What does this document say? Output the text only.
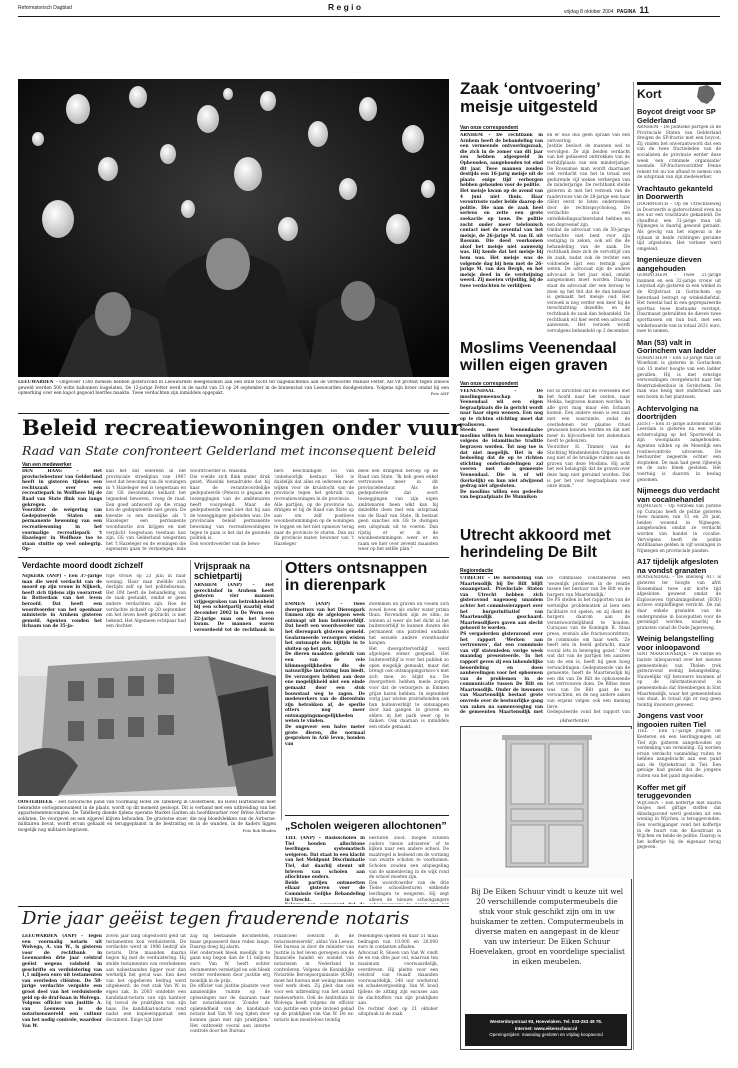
Reformatorisch Dagblad	R e g i o	vrijdag 8 oktober 2004 PAGINA 11
LEEUWARDEN – Ongeveer 1500 mensen hebben gisteravond in Leeuwarden deelgenomen aan een stille tocht ter nagedachtenis aan de vermoorde Manuel Fetter. Als vit protest tegen zinloos geweld werden 500 witte ballonnen losgelaten. De 12-jarige Fetter werd in de nacht van 23 op 24 september in de binnenstad van Leeuwarden doodgestoken. Volgens zijn broer omdat hij een opmerking over een kapot gegooid bierfles maakte. Twee verdachten zijn inmiddels opgepakt.	Foto ANP
Zaak ‘ontvoering’
meisje uitgesteld
Van onze correspondent
ARNHEM – De rechtbank in Arnhem heeft de behandeling van een vermeende ontvoeringszaak, die zich in de zomer van dit jaar zou hebben afgespeeld in Opheusden, aangehouden tot eind dit jaar. Twee mannen zouden destijds een 16-jarig meisje uit de plaats enige tijd verborgen hebben gehouden voor de politie.
Het meisje kwam op de avond van 4 juni niet thuis. Haar verontruste vader belde daarop de politie. Die nam de zaak heel serieus en zette een grote zoekactie op touw. De politie zocht onder meer telefonisch contact met de zevental van het meisje, de 26-jarige M. van H. uit Rossum. Die deed voorkomen alsof het meisje niet aanwezig was. Hij kende dat het meisje bij hem was. Het meisje was de volgende dag bij hem met de 26-jarige M. van den Bergh, en het meisje deed in de verdwijning weerd. Zij moeten vrijwillig, bij de twee verdachten te verblijven
en er was dus geen sprake van een ontvoering.
Justitie besloot de mannen wel te vervolgen. Ze zijn beiden verdacht van het gefaseerd onttrekken van de verblijfplaats van een minderjarige. De Rossumse man wordt daarnaast ook verdacht van het in totaal wel gedurende vijf weken verbergen van de minderjarige. De rechtbank stelde gisteren in met het verzoek van de raadsvrouw van de 28-jarige een haar cliënt eerst te laten onderzoeken door de rechtsspsycholoog. De verdachte zou een ontwikkelingsachterstand hebben en een depressief zijn.
Omdat de advocaat van de 50-jarige verdachte niet bent voor zijn vestiging in zeken, ook wil die de behandeling van de zaak. De rechtbank deze zich de vervoltijd van de zaak, nadat ook de rechter een voldoende lijst een termijn gaat weten. De advocaat zijn de andere advocaat is het jaar eind, omdat aangenomen moet worden. Daarop staat de advocaat der een beroep te doen op het feit dat de dan kenbaar is gemaakt het meisje oud. Het verzoek is nog verder een keer bij de terechtzitting dezelfde, en de rechtbank de zaak dan behandeld. De rechtbank wil hier eerst een advocaat aanwezen. Het verzoek wordt vervolgens behandeld op 3 december.
Kort
Boycot dreigt voor SP Gelderland
ARNHEM – De politieke partijen in de Provinciale Staten van Gelderland dreigen de SP-fractie met een boycot. Zij vinden het onverantwoord dat een van de twee fractieleden van de socialisten de provincie eerder deze week ‘een criminele organisatie’ noemde. SP-fractievoorzitter Fenne rekent tot nu toe aftand te nemen van de uitspraak van zijn medewerker.
Vrachtauto gekanteld in Doorwerth
DOORWERTH – Op de Utrechtseweg in Doorwerth is gisterochtend even na zes uur een vrachtauto gekanteld. De chauffeur, een 31-jarige man uit Nijmegen is daarbij gewond geraakt. Als gevolg van het ongeval is de rijbaan in beide richtingen geruime tijd afgesloten. Het verkeer werd omgeleid.
Ingenieuze dieven aangehouden
GORINCHEM – Twee 21-jarige mannen en een 32-jarige vrouw uit Lelystad zijn gisteren in een winkel in de Krijtstraat in Gorinchem op heterdaad betrapt op winkeldiefstal. Het tweetal had in een geprepareerde sporttas twee kostuums verstopt. Daarmaast gebruikten de dieven twee sporttassen om hun buit, met een winkelwaarde van in totaal 2631 euro, mee te nemen.
Man (53) valt in Gorinchem van ladder
GORINCHEM – Een 53-jarige man uit Woerkum is gisteren in Gorinchem van 15 meter hoogte van een ladder gevallen. Hij is met ernstige verwondingen overgebracht naar het Beatrixziekenhuis in Gorinchem. De man was bezig met onderhoud aan een boom in het plantsoen.
Achtervolging na doortrijden
ZEIST – Een 31-jarige automobilist uit Leerdam is gisteren na een wilde achtervolging op het Sportsveld in zijn woonplaats aangehouden. Agenten wilden op de Meerdijk een routinecontrole uitvoeren. De bestuurder negeerde echter een stopteken. De man had geen rijbewijs en de auto bleek gestolen. Het voertuig is daarom in beslag genomen.
Nijmeegs duo verdacht van cocaïnehandel
NIJMEGEN – Op verzoek van justitie op Curaçao heeft de politie gisteren twee mannen van 31 en 28 jaar, beiden wonend in Nijmegen, aangehouden omdat ze verdacht worden van handel in cocaïne. Vervolgens heeft de politie Antilliaanse gelden in vijf woningen in Nijmegen en provinciale panden.
A17 tijdelijk afgesloten na vondst granaten
ROOSENDAAL – De snelweg A17 is gisteren ter hoogte van afrit Roosendaal twee uur korte tijd afgesloten geweest omdat de Explosieven Opruimingsdienst (EOD) actieve ontploffingen verricht. De zat daar enkele granaten van de ondergrondse in bouwputten voor de gereinigd worden, waarbij de granaten vanaf de Oude Jagersweg.
Weinig belangstelling voor inloopavond
SINT MAARTENSDIJK – De vierde en laatste inloopavond over het nieuwe gemeentehuis van Tholen trok gisteravond weinig belangstelling. Nauwelijks vijf bewoners kwamen af op de informatieavond in gemeentehuis dat Steenbergen in Sint Maartensdijk, waar het gemeentehuis van staat. In totaal zijn er nog geen twintig inwoners geweest.
Jongens vast voor ingooien ruiten Tiel
TIEL – Een 17-jarige jongen uit Kesteren en een leerlingjongen uit Tiel zijn gisteren aangehouden op verdenking van vernieling. Zij werden ervan verdacht vanmiddag ruiten te hebben aangebracht aan een pand aan de Optiekstraat in Tiel. Een getuige had gezien dat de jongens ruiten van het pand ingooiden.
Koffer met gif teruggevonden
WIJCHEN – Een koffertje met daarin busjes met giftige stoffen dat dinsdagavond werd gestolen uit een woning in Wijchen, is teruggevonden. Een voorbijganger vond het koffertje in de buurt van de Kooistraat in Wijchen en belde de politie. Daarop is het koffertje bij de eigenaar terug gegeven.
Moslims Veenendaal
willen eigen graven
Van onze correspondent
VEENENDAAL – De moslimgemeenschap in Veenendaal wil een eigen begraafplaats die in gericht wordt naar haar eigen wensen. Een nog op te richten stichting moet dat realiseren.
Steeds meer Veenendaalse moslims willen in hun woonplaats volgens de islamitische traditie begraven worden. Tot nog toe is dat niet mogelijk. Het is de bedoeling dat de op te richten stichting onderhandelingen zal voeren met de gemeente Veenendaal. Die is of wil (kerkelijk) en hun niet afwijzend gedrag niet afgesloten.
De moslims willen een gedeelte van begraafplaats De Munniken
hof zo inrichten dat de overleden met het hoofd naar het oosten, naar Mekka, begraven kunnen worden. In alle grot mag maar één lichaam komen. Een andere eisen is een zaal met een wasruimte, zodat de overledenen ter plaatse rituel gewassen kunnen worden en dat niet meer in bijvoorbeeld het ziekenhuis hoeft te gebeuren.
Voorzitter H. Timmer van de Stichting Mindenheiden Organis west nog niet of de bruidige ruimte aan de graven van deze Moslims. Hij acht het wel belangrijk dat de graven over deze lang niet geruimd worden. Dat is per het voor begraafplaats voor onze imam."
Beleid recreatiewoningen onder vuur
Raad van State confronteert Gelderland met inconsequent beleid
Van een medewerker
DEN HAAG – Het provinciebestuur van Gelderland heeft in gisteren tijdens een rechtszaak over een recreatiepark in Wolfheze bij de Raad van State flink van langs gekregen.
Voorzitter de weigering van Gedeputeerde Staten om permanente bewoning van een recreatiewoning in het voormalige recreatiepark ‘t Hazeleger in Wolfheze toe te staan stuitte op veel onbegrip. Op-
kan het dat iedereen in het provinciale streekplan van 1987 leest dat bewoning van de woningen in ‘t Hazeleger wel is toegestaan en dat GS desondanks keihard het tegendeel beweren, vroeg de raad. Een goed antwoord op die vraag kon de gedeputeerde niet geven. De kwestie is een moeilijke als ‘t Hazeleger een permanente woonfunctie zou krijgen en niet verplicht toegestaan toestaan kan zijn. GS van Gelderland weigerden het ‘t Hazeleger en de woningen die eigenaren gaan te vernietigen, mits
woordvoerder H. Wassink.
Die voelde zich flink onder druk gezet. Wassink benadrukte dat bij kaar de verantwoordelijke gedeputeerde (Petersi is gegaan de toezeggingen van de ambtenaren heeft voorgelegd. Maar de gedeputeerde vond niet dat hij aan de toezeggingen gebonden was. De provinciale beleid permanente bewoning van recreatiewoningen tegen te gaan is het dat de gezonde politiek is.
Een woordvoerder van de bewo-
ners beschuldigde GS van ‘onbehoorlijk bestuur. ‘Het is duidelijk dat alles en iedereen moet wijken voor de kruistocht van de provincie tegen het gebruik van recreatiewoningen in de provincie.
Alle partijen, op de provincie na, dringen er bij de Raad van State op aan om zelf positieve woonbestemmingen op de woningen te leggen en het niet opnieuw terug naar de provincie te sturen. Dan zal de provincie mater, bewoner van ‘t Hazeleger
deed een dringend beroep op de Raad van State. ‘Ik heb geen enkel vertrouwen meer in dit provinciebestuur. Als de gedeputeerde dat soort toezeggingen van zijn eigen ambtenaren been wikt kan hij datzelfde doen met een uitspraak van de Raad van State. Ik bestaat geen sancties om GS te dwingen een uitspraak uit te voeren. Dan rijstig er er in de woonbestemmingen weer er en raam we hier over zeventi maanden weer op het zelfde plan."

Utrecht akkoord met
herindeling De Bilt
Regioredactie
UTRECHT – De herindeling van Maartensdijk bij De Bilt blijft onaangetast. Provinciale Staten van Utrecht hebben zich gisteravond nagenoeg unaniem achter het commissierapport over het burgerinitiatief van Maartensdijk geschaard. Maartensdijkers gaven aan slecht gehoord te worden.
PS vergaderden gisteravond over het rapport ‘Werken aan vertrouwen’, dat een commissie van vijf statenleden vorige week maandag presenteerde. In het rapport geven zij een inhoudelijke beoordeling en doen aanbevelingen voor het opbouwen van de problemen in de communicatie tussen De Bilt en Maartensdijk. Onder de inwoners van Maartensdijk bestaat grote onvrede over de bestuurlijke gang van zaken na samenvoeging van de gemeenten Maartensdijk met
De commissie constateerde een ‘wezenlijk probleem in de relatie tussen het bestuur van De Bilt en de burgers van Maartensdijk.’
De PS stellen in het rapporten van de wettelijke problematiek al leen een facilitaire rol spelen, en zij dient de burgers daarom aan de verantwoordelijkheid te houden. Curaçaos van de Koningin R. Staal prees, evenals alle fractievoorzitters, de commissie om haar werk. ‘Ze heeft iets in beeld gebracht, maar vooral iets in beweging gezet.’ Over wat dat van de partijen ten aanzien van de een is, heeft hij geen hoog verwachtingen. Gedeputeerde van de gemeente, heeft de Maartensdijk hij een dik van De Bilt de opbouwende het vertrouwen doen. De Biltse deze was van De Bilt gaat de nu verwachten, en de nog andere zaken van ergens volgen ook een mening lieve.
Gedeputeerde vond het rapport van
Verdachte moord doodt zichzelf
NIJKERK (ANP) – Een 37-jarige man die werd verdacht van de moord op zijn vrouw in Nijkerk, heeft zich tijdens zijn voorarrest in Rotterdam van het leven beroofd. Dat heeft een woordvoerder van het openbaar ministerie in Arnhem gisteren gemeld. Agenten vonden het lichaam van de 35-ja-
rige vrouw op 23 juni in haar woning. Haar man meldde zich destijds zelf op het politiebureau. Het OM heeft de behandeling van de zaak gestaakt, omdat er geen andere verdachten zijn. Hoe de verdachte zichzelf op 20 september om het leven heeft gebracht, is niet bekend. Het Algemeen echtpaar had een dochter.
Vrijspraak na
schietpartij
ARNHEM (ANP) – Het gerechtshof in Arnhem heeft gisteren vier mannen vrijgesproken van betrokkenheid bij een schietpartij waarbij eind december 2002 in De Worm een 22-jarige man om het leven kwam. De mannen waren veroordeeld tot de rechtbank in
Otters ontsnappen
in dierenpark
EMMEN (ANP) – Twee dwergotters van het Dierenpark Emmen zijn de afgelopen week ontsnapt uit hun buitenverblijf. Dat heeft een woordvoerder van het dierenpark gisteren gemeld. Gealarmeerde verzorgers wisten het ontsnapte duo bijtijds in te sluiten op het park.
De dieren maakten gebruik van een van de vele klimmogelijkheden die de natuurlijke inrichting hun biedt. De verzorgers hebben aan deze ene mogelijkheid niet een einde gemaakt door een stuk bouwstaal weg te zagen. De medewerkers van de dierentuin zijn betrokken af, de sperlie otters nog meer ontsnappingsmogelijkheden weten te vinden.
De ongeveer een halve meter grote dieren, die normaal gesproken in Azië leven, houden van
zwemmen en graven en voelen zich zowel boven als onder water prima thuis. Bovendien zijn ze slim: ze winnen al weer als het dicht al het buitenverblijf te kunnen duwen die permanent ons patrolled ondanks het sexuele andere oventhusder konpen.
Het dwergotterverblijf werd afgelopen zomer geopend. Het buitenverblijf is voor het publiek zo open mogelijk gemaakt, maar dat brengt ook ontsnappingsrisico’s met zich mee, zo blijkt nu. De dwergotters hebben mede zorgen voor dat de verzorgers in Emmen grijze haren hebben. In september vorig jaar wisten prairiehonden ook hun buitenverblijf te ontsnappen door kan gangen te graven en elders in het park weer op te duiken. Ook daaraan is inmiddels een einde gemaakt.
OOSTERBEEK – Het historische pand van voormalig Hotel De Tafelberg in Oosterbeek, nu Hotel Hartenstein heet bekendste oorlogsmonument in de plaats, wordt op dit moment gesloopt. Dit is verband met een uitbreiding van het appartementencomplex. De Tafelberg diende tijdens operatie Market Garden als hoofdkwartier voor Britse Airborne-soldaten. De voorgevel en een zijgevel blijven behouden. De gravietse stoer, die nog bloedvlekken van de Airborne-militairen bevat, wordt ervan gehaald en teruggeplaatst in de bestrating en in de wanden, in de kaders liggen mogelijk nog militaire begraven.	Foto Rob Rhoden „Scholen weigeren allochtonen”
TIEL (ANP) – Basisscholen in Tiel houden allochtone leerlingen systematisch weigeren. Dat staat in een klacht van het Meldpunt Discriminatie Tiel, dat daarbij steunt uit brieven van scholen aan allochtone ouders.
Beide partijen ontmoetten elkaar gisteren voor de Commissie Gelijke Behandeling in Utrecht.

besturen sloot, mogen scholen ouders ‘nieuw adviseren’ of te kijken naar een andere school. De maatregel is bedoeld om de vorming van zwarte scholen te voorkomen. Scholen zouden een afspiegeling van de samenleving in de wijk rond de school moeten zijn.
Een woordvoerder van de drie Tielse schoolbesturen ontkende leerlingen te weigeren. Hij zegt alleen de nieuwe schoolgangers
(Advertentie)
Bij De Eiken Schuur vindt u keuze uit wel 20 verschillende computermeubels die stuk voor stuk geschikt zijn om in uw huiskamer te zetten. Computermeubels in diverse maten en aangepast in de kleur van uw interieur. De Eiken Schuur Hoevelaken, groot en voordelige specialist in eiken meubelen.
Westerdorpstraat 93, Hoevelaken. Tel. 033-253 49 75.
Internet: www.eikenschuur.nl
Openingstijden: maandag gesloten en vrijdag koopavond
Drie jaar geëist tegen frauderende notaris
LEEUWARDEN (ANP) – Tegen een voormalig notaris uit Wolvega, A. van W., is gisteren voor de rechtbank in Leeuwarden drie jaar celstraf geëist wegens valsheid in geschrifte en verduistering van 1,1 miljoen euro uit testamenten van overleden cliënten. De 58-jarige verdachte vergokte een groot deel van het verduisterde geld op de draf-baan in Wolvega.
Volgens officier van justitie A. van Leeuwen is de notarisenswereld een cultuur van het nodig controle, waardoor Van W.
zoven jaar lang ongestoord geld uit testamenten kon verduisteren. De verdachte werd in 1996 bedrijf als notaris. Drie maanden daarna begon hij met de verduistering. Hij stelde testamenten van overledenen aan nabestaanden ligger voor dan werkelijk het geval was. Een deel van het opgeheven bedrag werd uitgekeerd, de rest stak Van W. in eigen zak. In 2003 ontdekte een kandidaat-notaris van zijn kantoor bij toeval de praktijken van zijn baas. De kandidaat-notaris vond nadat een kopieerapparaat een document. Enige tijd later
zag hij bestaande documenten, maar gepasseerd deze reden lange. Daarop doeg hij alarm.
Het onderzoek bleek moeilijk in te gaan nog begon dan de 11 miljoen euro. Van W. heeft echter documenten vernietigd en ook bleek verder verdwenen door justitie erg moeilijk in de prijs.
De officier van justitie plaatste voor aanzienlijke ruimte op de oplossingen nav de daaraan naar het notariskantoor. ‘Zonder de opletendheid van de kandidaat-notaris had Van W. nog tijden door kunnen gaan met zijn praktijken.’ Het ontbreekt vooral aan interne controle door het Bureau
Financieel Toezicht in de notarissenwereld’, aldus Van Leeuw. Het bureau is door de minister van Justitie in het leven geroepen om de financiële handel en wandel van notarissen in Nederland te controleren. Volgens de Koninklijke Notariële Beroepsorganisatie (KNB) moet het bureau met weinig mensen veel werk doen. Zij pleit dan ook voor een uitbreiding van het aantal medewerkers. Ook de Ambtshuis in Wolvega heeft volgens de officier van justitie een grote invloed gehad op de praktijken van Van W. De ex-notaris kon moeiteloos twintig
rekeningen openen en daar 51 maal bedragen van 10.000 en 20.000 euro in contanten afhalen.
Advocaat R. Snoen van Van W. vindt de en van drie jaar cel, waarvan ten maximum voorwaardelijk, overdreven. Hij pleitte voor een celstraf van twaalf maanden voorwaardelijk, 240 uur werkstraf en schadevergoeding. Van W. bood tijdens de zitting zijn excuses aan de slachtoffers van zijn praktijken aan.
De rechter doet op 21 oktober uitspraak in de zaak.
